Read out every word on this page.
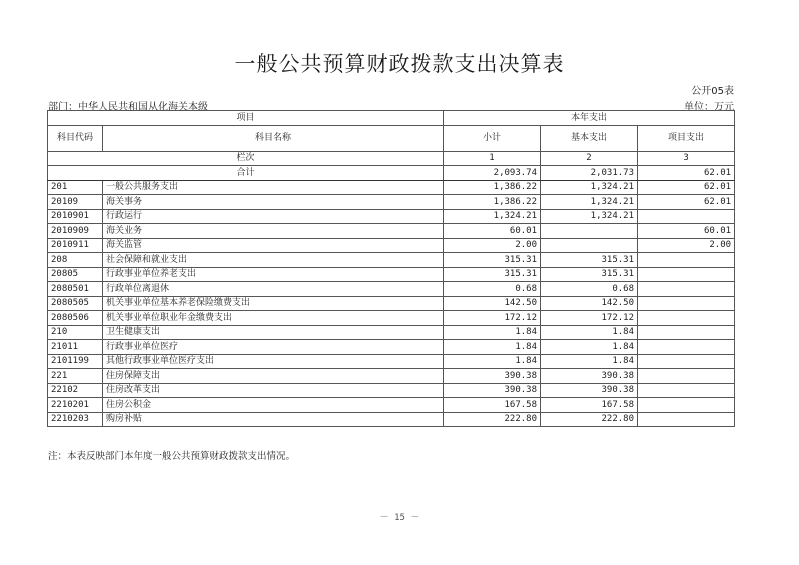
一般公共预算财政拨款支出决算表
公开05表
部门：中华人民共和国从化海关本级	单位：万元
项目		本年支出		
科目代码	科目名称	小计	基本支出	项目支出
栏次		1	2	3
合计		2,093.74	2,031.73	62.01
201	一般公共服务支出	1,386.22	1,324.21	62.01
20109	海关事务	1,386.22	1,324.21	62.01
2010901	行政运行	1,324.21	1,324.21	
2010909	海关业务	60.01		60.01
2010911	海关监管	2.00		2.00
208	社会保障和就业支出	315.31	315.31	
20805	行政事业单位养老支出	315.31	315.31	
2080501	行政单位离退休	0.68	0.68	
2080505	机关事业单位基本养老保险缴费支出	142.50	142.50	
2080506	机关事业单位职业年金缴费支出	172.12	172.12	
210	卫生健康支出	1.84	1.84	
21011	行政事业单位医疗	1.84	1.84	
2101199	其他行政事业单位医疗支出	1.84	1.84	
221	住房保障支出	390.38	390.38	
22102	住房改革支出	390.38	390.38	
2210201	住房公积金	167.58	167.58	
2210203	购房补贴	222.80	222.80	
注：本表反映部门本年度一般公共预算财政拨款支出情况。
－ 15 －
